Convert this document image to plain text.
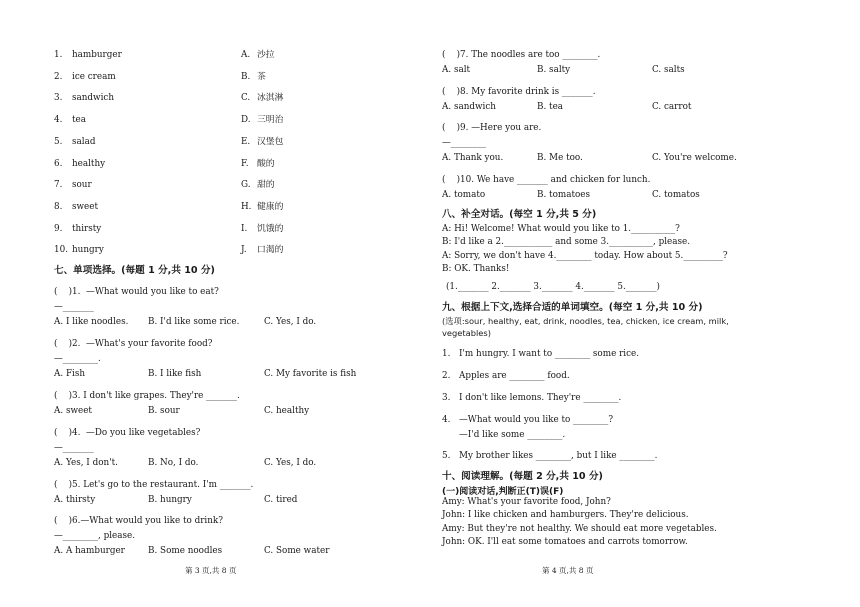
1. hamburger	A. 沙拉
2. ice cream	B. 茶
3. sandwich	C. 冰淇淋
4. tea	D. 三明治
5. salad	E. 汉堡包
6. healthy	F. 酸的
7. sour	G. 甜的
8. sweet	H. 健康的
9. thirsty	I. 饥饿的
10. hungry	J. 口渴的
七、单项选择。(每题 1 分,共 10 分)
(    )1.  —What would you like to eat?
—_______
A. I like noodles. B. I'd like some rice.	C. Yes, I do.
(    )2.  —What's your favorite food?
—________.
A. Fish	B. I like fish	C. My favorite is fish
(    )3. I don't like grapes. They're _______.
A. sweet	B. sour	C. healthy
(    )4.  —Do you like vegetables?
—_______
A. Yes, I don't.	B. No, I do.	C. Yes, I do.
(    )5. Let's go to the restaurant. I'm _______.
A. thirsty	B. hungry	C. tired
(    )6.—What would you like to drink?
—________, please.
A. A hamburger	B. Some noodles	C. Some water
第 3 页,共 8 页
(    )7. The noodles are too ________.
A. salt	B. salty	C. salts
(    )8. My favorite drink is _______.
A. sandwich	B. tea	C. carrot
(    )9. —Here you are.
—________
A. Thank you.	B. Me too.	C. You're welcome.
(    )10. We have _______ and chicken for lunch.
A. tomato	B. tomatoes	C. tomatos
八、补全对话。(每空 1 分,共 5 分)
A: Hi! Welcome! What would you like to 1.__________?
B: I'd like a 2.___________ and some 3.__________, please.
A: Sorry, we don't have 4.________ today. How about 5._________?
B: OK. Thanks!
(1._______ 2._______ 3._______ 4._______ 5._______)
九、根据上下文,选择合适的单词填空。(每空 1 分,共 10 分)
(选项:sour, healthy, eat, drink, noodles, tea, chicken, ice cream, milk,
vegetables)
1. I'm hungry. I want to ________ some rice.
2. Apples are ________ food.
3. I don't like lemons. They're ________.
4. —What would you like to ________?
—I'd like some ________.
5. My brother likes ________, but I like ________.
十、阅读理解。(每题 2 分,共 10 分)
(一)阅读对话,判断正(T)误(F)
Amy: What's your favorite food, John?
John: I like chicken and hamburgers. They're delicious.
Amy: But they're not healthy. We should eat more vegetables.
John: OK. I'll eat some tomatoes and carrots tomorrow.
第 4 页,共 8 页
